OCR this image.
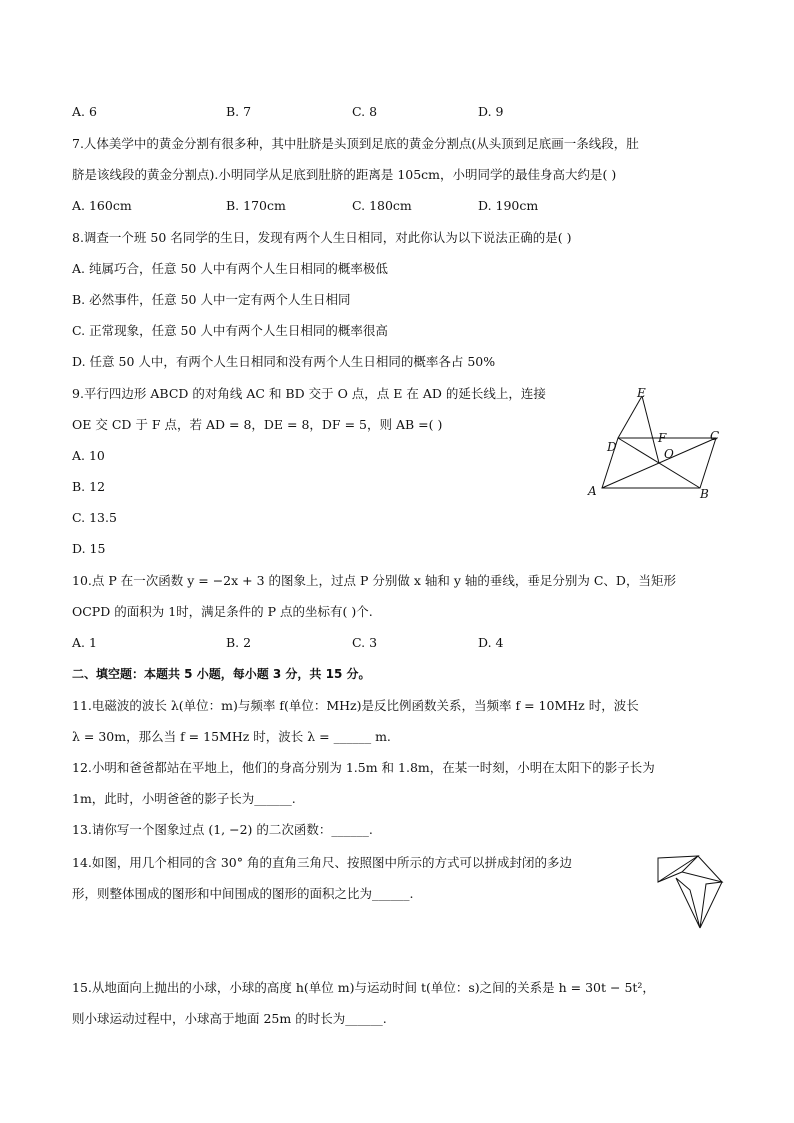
A. 6	B. 7	C. 8	D. 9
7.人体美学中的黄金分割有很多种，其中肚脐是头顶到足底的黄金分割点(从头顶到足底画一条线段，肚
脐是该线段的黄金分割点).小明同学从足底到肚脐的距离是 105cm，小明同学的最佳身高大约是( )
A. 160cm	B. 170cm	C. 180cm	D. 190cm
8.调查一个班 50 名同学的生日，发现有两个人生日相同，对此你认为以下说法正确的是( )
A. 纯属巧合，任意 50 人中有两个人生日相同的概率极低
B. 必然事件，任意 50 人中一定有两个人生日相同
C. 正常现象，任意 50 人中有两个人生日相同的概率很高
D. 任意 50 人中，有两个人生日相同和没有两个人生日相同的概率各占 50%
9.平行四边形 ABCD 的对角线 AC 和 BD 交于 O 点，点 E 在 AD 的延长线上，连接
OE 交 CD 于 F 点，若 AD = 8，DE = 8，DF = 5，则 AB =( )
A. 10
B. 12
C. 13.5
D. 15
E
D
F	C
O
A	B
10.点 P 在一次函数 y = −2x + 3 的图象上，过点 P 分别做 x 轴和 y 轴的垂线，垂足分别为 C、D，当矩形
OCPD 的面积为 1时，满足条件的 P 点的坐标有( )个.
A. 1	B. 2	C. 3	D. 4
二、填空题：本题共 5 小题，每小题 3 分，共 15 分。
11.电磁波的波长 λ(单位：m)与频率 f(单位：MHz)是反比例函数关系，当频率 f = 10MHz 时，波长
λ = 30m，那么当 f = 15MHz 时，波长 λ = ______ m.
12.小明和爸爸都站在平地上，他们的身高分别为 1.5m 和 1.8m，在某一时刻，小明在太阳下的影子长为
1m，此时，小明爸爸的影子长为______.
13.请你写一个图象过点 (1, −2) 的二次函数：______.
14.如图，用几个相同的含 30° 角的直角三角尺、按照图中所示的方式可以拼成封闭的多边
形，则整体围成的图形和中间围成的图形的面积之比为______.
15.从地面向上抛出的小球，小球的高度 h(单位 m)与运动时间 t(单位：s)之间的关系是 h = 30t − 5t²，
则小球运动过程中，小球高于地面 25m 的时长为______.
